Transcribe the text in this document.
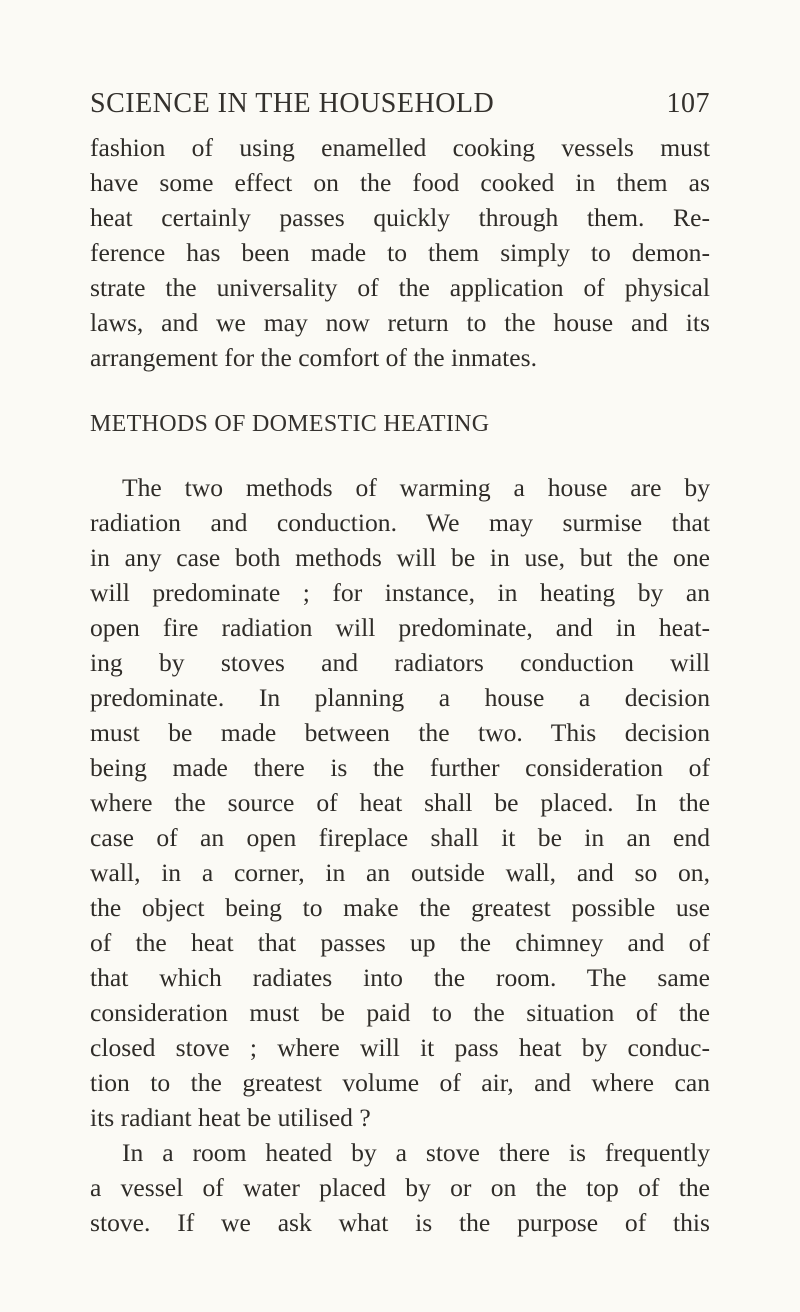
SCIENCE IN THE HOUSEHOLD	107
fashion of using enamelled cooking vessels must
have some effect on the food cooked in them as
heat certainly passes quickly through them. Re-
ference has been made to them simply to demon-
strate the universality of the application of physical
laws, and we may now return to the house and its
arrangement for the comfort of the inmates.
METHODS OF DOMESTIC HEATING
The two methods of warming a house are by
radiation and conduction. We may surmise that
in any case both methods will be in use, but the one
will predominate ; for instance, in heating by an
open fire radiation will predominate, and in heat-
ing by stoves and radiators conduction will
predominate. In planning a house a decision
must be made between the two. This decision
being made there is the further consideration of
where the source of heat shall be placed. In the
case of an open fireplace shall it be in an end
wall, in a corner, in an outside wall, and so on,
the object being to make the greatest possible use
of the heat that passes up the chimney and of
that which radiates into the room. The same
consideration must be paid to the situation of the
closed stove ; where will it pass heat by conduc-
tion to the greatest volume of air, and where can
its radiant heat be utilised ?
In a room heated by a stove there is frequently
a vessel of water placed by or on the top of the
stove. If we ask what is the purpose of this
